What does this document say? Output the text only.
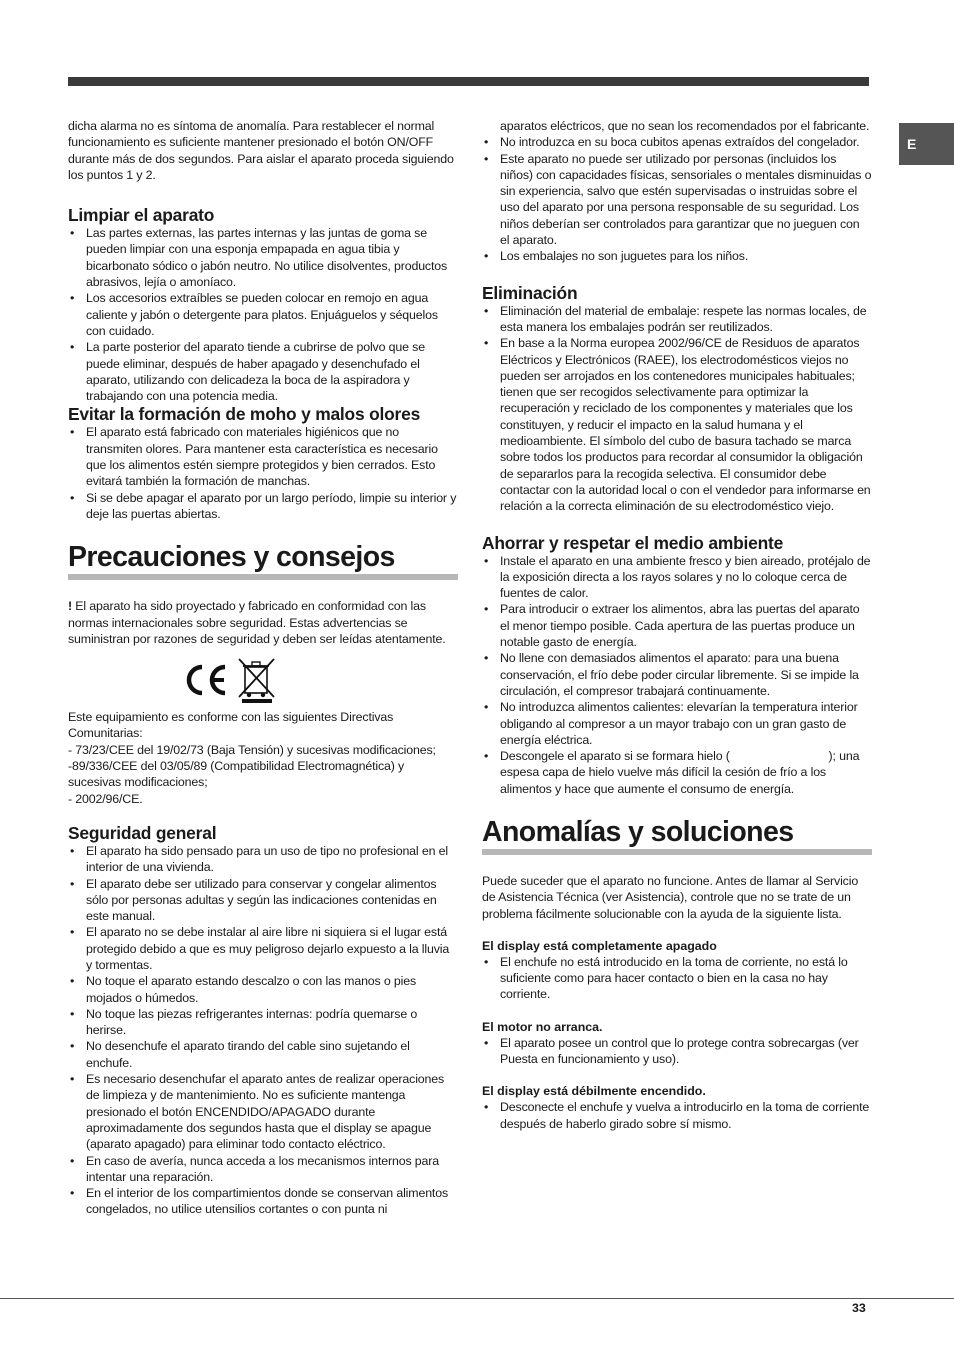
E

dicha alarma no es síntoma de anomalía. Para restablecer el normal funcionamiento es suficiente mantener presionado el botón ON/OFF durante más de dos segundos. Para aislar el aparato proceda siguiendo los puntos 1 y 2.

Limpiar el aparato
• Las partes externas, las partes internas y las juntas de goma se pueden limpiar con una esponja empapada en agua tibia y bicarbonato sódico o jabón neutro. No utilice disolventes, productos abrasivos, lejía o amoníaco.
• Los accesorios extraíbles se pueden colocar en remojo en agua caliente y jabón o detergente para platos. Enjuáguelos y séquelos con cuidado.
• La parte posterior del aparato tiende a cubrirse de polvo que se puede eliminar, después de haber apagado y desenchufado el aparato, utilizando con delicadeza la boca de la aspiradora y trabajando con una potencia media.
Evitar la formación de moho y malos olores
• El aparato está fabricado con materiales higiénicos que no transmiten olores. Para mantener esta característica es necesario que los alimentos estén siempre protegidos y bien cerrados. Esto evitará también la formación de manchas.
• Si se debe apagar el aparato por un largo período, limpie su interior y deje las puertas abiertas.
Precauciones y consejos

! El aparato ha sido proyectado y fabricado en conformidad con las normas internacionales sobre seguridad. Estas advertencias se suministran por razones de seguridad y deben ser leídas atentamente.

Este equipamiento es conforme con las siguientes Directivas Comunitarias:

- 73/23/CEE del 19/02/73 (Baja Tensión) y sucesivas modificaciones;

-89/336/CEE del 03/05/89 (Compatibilidad Electromagnética) y sucesivas modificaciones;

- 2002/96/CE.

Seguridad general
• El aparato ha sido pensado para un uso de tipo no profesional en el interior de una vivienda.
• El aparato debe ser utilizado para conservar y congelar alimentos sólo por personas adultas y según las indicaciones contenidas en este manual.
• El aparato no se debe instalar al aire libre ni siquiera si el lugar está protegido debido a que es muy peligroso dejarlo expuesto a la lluvia y tormentas.
• No toque el aparato estando descalzo o con las manos o pies mojados o húmedos.
• No toque las piezas refrigerantes internas: podría quemarse o herirse.
• No desenchufe el aparato tirando del cable sino sujetando el enchufe.
• Es necesario desenchufar el aparato antes de realizar operaciones de limpieza y de mantenimiento. No es suficiente mantenga presionado el botón ENCENDIDO/APAGADO durante aproximadamente dos segundos hasta que el display se apague (aparato apagado) para eliminar todo contacto eléctrico.
• En caso de avería, nunca acceda a los mecanismos internos para intentar una reparación.
• En el interior de los compartimientos donde se conservan alimentos congelados, no utilice utensilios cortantes o con punta ni
aparatos eléctricos, que no sean los recomendados por el fabricante.
• No introduzca en su boca cubitos apenas extraídos del congelador.
• Este aparato no puede ser utilizado por personas (incluidos los niños) con capacidades físicas, sensoriales o mentales disminuidas o sin experiencia, salvo que estén supervisadas o instruidas sobre el uso del aparato por una persona responsable de su seguridad. Los niños deberían ser controlados para garantizar que no jueguen con el aparato.
• Los embalajes no son juguetes para los niños.
Eliminación
• Eliminación del material de embalaje: respete las normas locales, de esta manera los embalajes podrán ser reutilizados.
• En base a la Norma europea 2002/96/CE de Residuos de aparatos Eléctricos y Electrónicos (RAEE), los electrodomésticos viejos no pueden ser arrojados en los contenedores municipales habituales; tienen que ser recogidos selectivamente para optimizar la recuperación y reciclado de los componentes y materiales que los constituyen, y reducir el impacto en la salud humana y el medioambiente. El símbolo del cubo de basura tachado se marca sobre todos los productos para recordar al consumidor la obligación de separarlos para la recogida selectiva. El consumidor debe contactar con la autoridad local o con el vendedor para informarse en relación a la correcta eliminación de su electrodoméstico viejo.
Ahorrar y respetar el medio ambiente
• Instale el aparato en una ambiente fresco y bien aireado, protéjalo de la exposición directa a los rayos solares y no lo coloque cerca de fuentes de calor.
• Para introducir o extraer los alimentos, abra las puertas del aparato el menor tiempo posible. Cada apertura de las puertas produce un notable gasto de energía.
• No llene con demasiados alimentos el aparato: para una buena conservación, el frío debe poder circular libremente. Si se impide la circulación, el compresor trabajará continuamente.
• No introduzca alimentos calientes: elevarían la temperatura interior obligando al compresor a un mayor trabajo con un gran gasto de energía eléctrica.
• Descongele el aparato si se formara hielo (                              ); una espesa capa de hielo vuelve más difícil la cesión de frío a los alimentos y hace que aumente el consumo de energía.
Anomalías y soluciones

Puede suceder que el aparato no funcione. Antes de llamar al Servicio de Asistencia Técnica (ver Asistencia), controle que no se trate de un problema fácilmente solucionable con la ayuda de la siguiente lista.

El display está completamente apagado
• El enchufe no está introducido en la toma de corriente, no está lo suficiente como para hacer contacto o bien en la casa no hay corriente.
El motor no arranca.
• El aparato posee un control que lo protege contra sobrecargas (ver Puesta en funcionamiento y uso).
El display está débilmente encendido.
• Desconecte el enchufe y vuelva a introducirlo en la toma de corriente después de haberlo girado sobre sí mismo.
33
